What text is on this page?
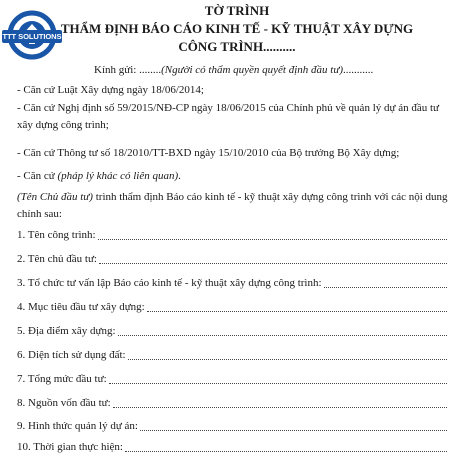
TTT SOLUTIONS
TỜ TRÌNH
THẨM ĐỊNH BÁO CÁO KINH TẾ - KỸ THUẬT XÂY DỰNG
CÔNG TRÌNH..........
Kính gửi: ........(Người có thẩm quyền quyết định đầu tư)...........
- Căn cứ Luật Xây dựng ngày 18/06/2014;
- Căn cứ Nghị định số 59/2015/NĐ-CP ngày 18/06/2015 của Chính phủ về quản lý dự án đầu tư xây dựng công trình;
- Căn cứ Thông tư số 18/2010/TT-BXD ngày 15/10/2010 của Bộ trưởng Bộ Xây dựng;
- Căn cứ (pháp lý khác có liên quan).
(Tên Chủ đầu tư) trình thẩm định Báo cáo kinh tế - kỹ thuật xây dựng công trình với các nội dung chính sau:
1. Tên công trình:
2. Tên chủ đầu tư:
3. Tổ chức tư vấn lập Báo cáo kinh tế - kỹ thuật xây dựng công trình:
4. Mục tiêu đầu tư xây dựng:
5. Địa điểm xây dựng:
6. Diện tích sử dụng đất:
7. Tổng mức đầu tư:
8. Nguồn vốn đầu tư:
9. Hình thức quản lý dự án:
10. Thời gian thực hiện:
